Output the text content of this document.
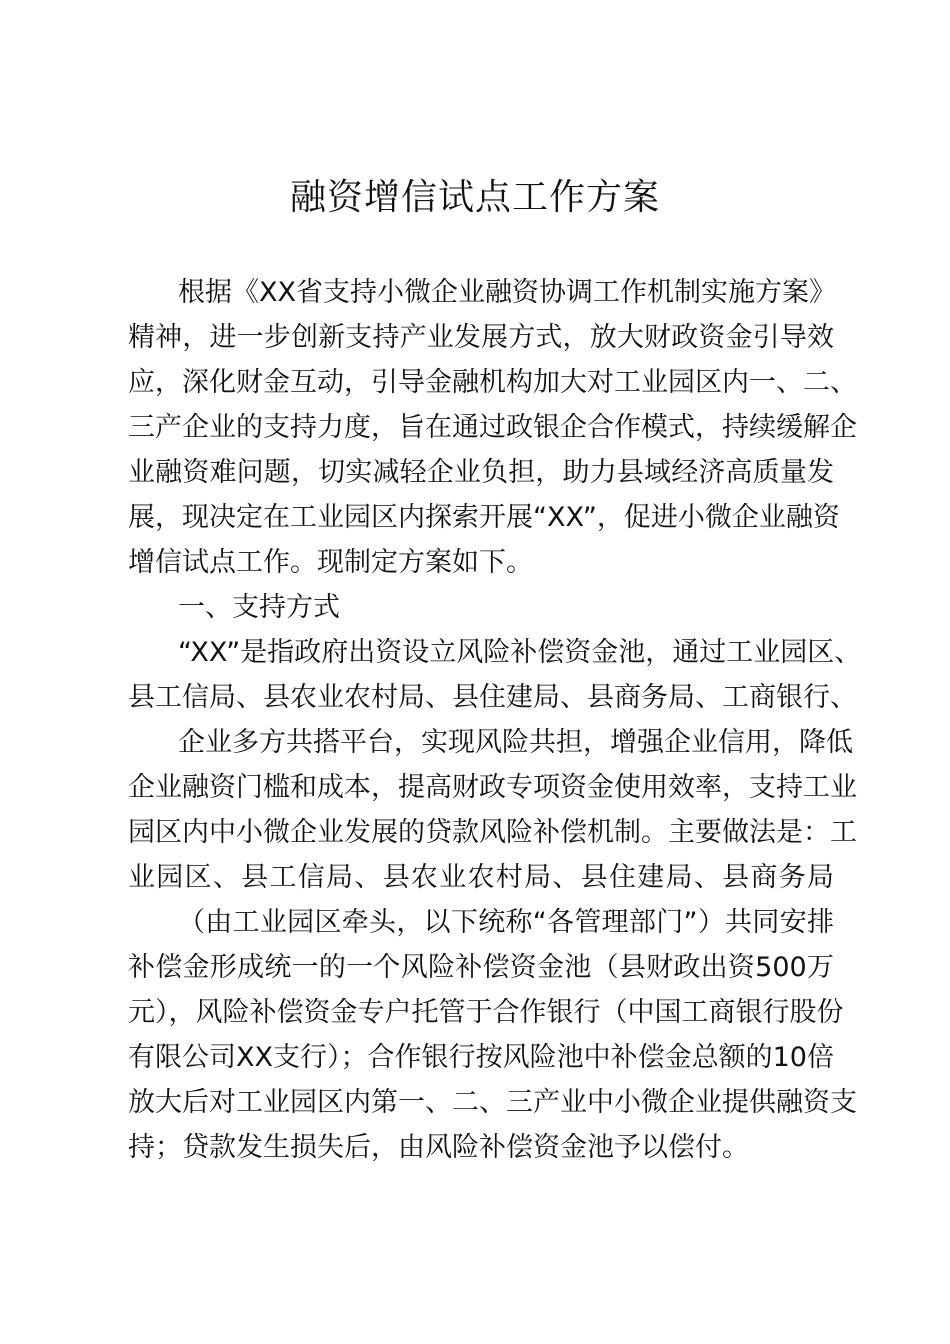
融资增信试点工作方案
根据《XX省支持小微企业融资协调工作机制实施方案》
精神，进一步创新支持产业发展方式，放大财政资金引导效
应，深化财金互动，引导金融机构加大对工业园区内一、二、
三产企业的支持力度，旨在通过政银企合作模式，持续缓解企
业融资难问题，切实减轻企业负担，助力县域经济高质量发
展，现决定在工业园区内探索开展“XX”，促进小微企业融资
增信试点工作。现制定方案如下。
一、支持方式
“XX”是指政府出资设立风险补偿资金池，通过工业园区、
县工信局、县农业农村局、县住建局、县商务局、工商银行、
企业多方共搭平台，实现风险共担，增强企业信用，降低
企业融资门槛和成本，提高财政专项资金使用效率，支持工业
园区内中小微企业发展的贷款风险补偿机制。主要做法是：工
业园区、县工信局、县农业农村局、县住建局、县商务局
（由工业园区牵头，以下统称“各管理部门”）共同安排
补偿金形成统一的一个风险补偿资金池（县财政出资500万
元），风险补偿资金专户托管于合作银行（中国工商银行股份
有限公司XX支行）；合作银行按风险池中补偿金总额的10倍
放大后对工业园区内第一、二、三产业中小微企业提供融资支
持；贷款发生损失后，由风险补偿资金池予以偿付。
